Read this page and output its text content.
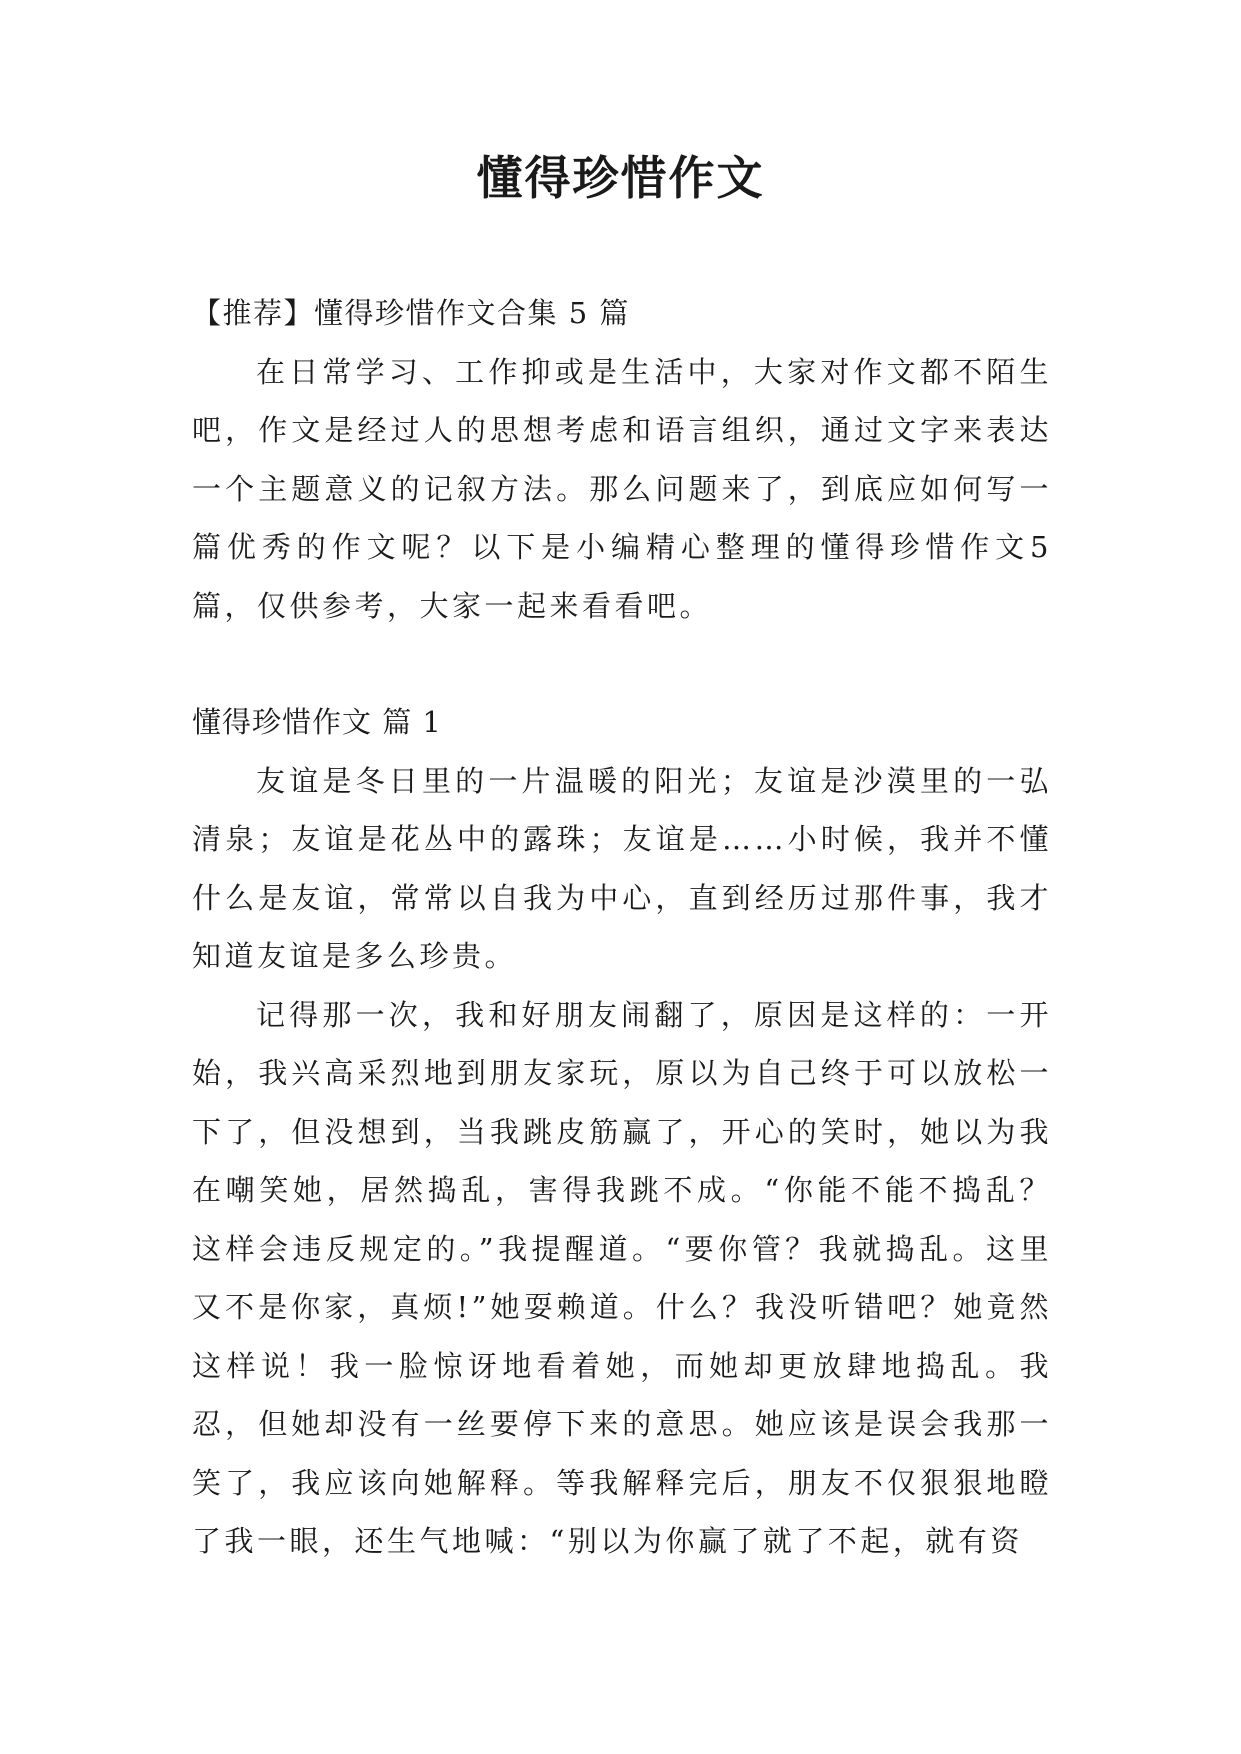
懂得珍惜作文

【推荐】懂得珍惜作文合集 5 篇

在日常学习、工作抑或是生活中，大家对作文都不陌生吧，作文是经过人的思想考虑和语言组织，通过文字来表达一个主题意义的记叙方法。那么问题来了，到底应如何写一篇优秀的作文呢？以下是小编精心整理的懂得珍惜作文5篇，仅供参考，大家一起来看看吧。

懂得珍惜作文 篇 1

友谊是冬日里的一片温暖的阳光；友谊是沙漠里的一弘清泉；友谊是花丛中的露珠；友谊是……小时候，我并不懂什么是友谊，常常以自我为中心，直到经历过那件事，我才知道友谊是多么珍贵。

记得那一次，我和好朋友闹翻了，原因是这样的：一开始，我兴高采烈地到朋友家玩，原以为自己终于可以放松一下了，但没想到，当我跳皮筋赢了，开心的笑时，她以为我在嘲笑她，居然捣乱，害得我跳不成。“你能不能不捣乱？这样会违反规定的。”我提醒道。“要你管？我就捣乱。这里又不是你家，真烦!”她耍赖道。什么？我没听错吧？她竟然这样说！我一脸惊讶地看着她，而她却更放肆地捣乱。我忍，但她却没有一丝要停下来的意思。她应该是误会我那一笑了，我应该向她解释。等我解释完后，朋友不仅狠狠地瞪了我一眼，还生气地喊：“别以为你赢了就了不起，就有资
